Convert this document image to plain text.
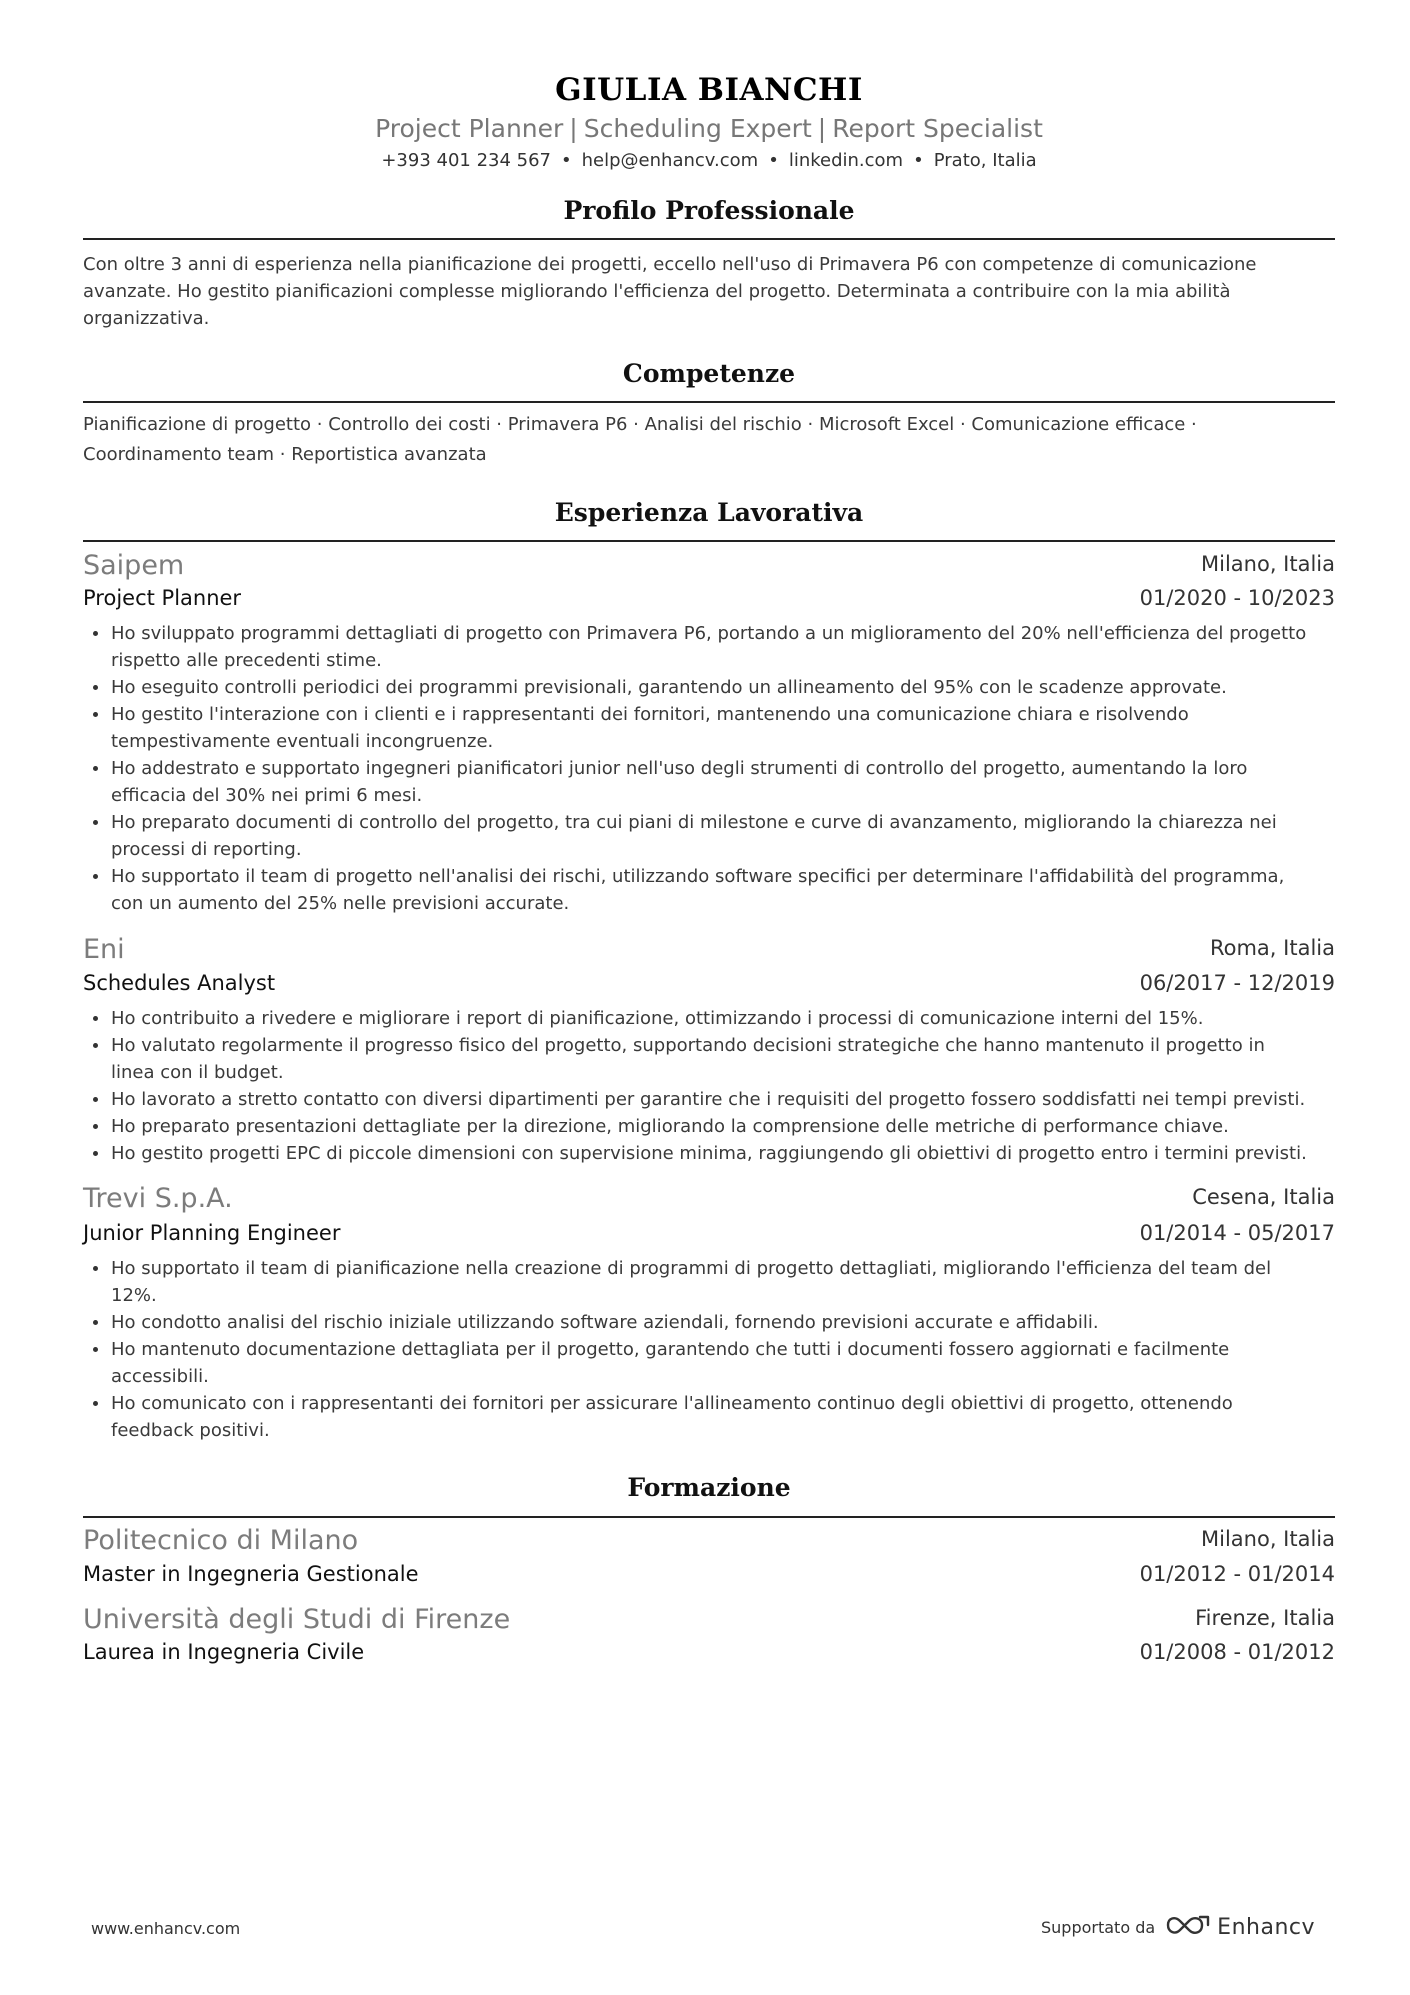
GIULIA BIANCHI
Project Planner | Scheduling Expert | Report Specialist
+393 401 234 567 • help@enhancv.com • linkedin.com • Prato, Italia
Profilo Professionale
Con oltre 3 anni di esperienza nella pianificazione dei progetti, eccello nell'uso di Primavera P6 con competenze di comunicazione
avanzate. Ho gestito pianificazioni complesse migliorando l'efficienza del progetto. Determinata a contribuire con la mia abilità
organizzativa.
Competenze
Pianificazione di progetto · Controllo dei costi · Primavera P6 · Analisi del rischio · Microsoft Excel · Comunicazione efficace ·
Coordinamento team · Reportistica avanzata
Esperienza Lavorativa
Saipem	Milano, Italia
Project Planner	01/2020 - 10/2023
Ho sviluppato programmi dettagliati di progetto con Primavera P6, portando a un miglioramento del 20% nell'efficienza del progetto
rispetto alle precedenti stime.
Ho eseguito controlli periodici dei programmi previsionali, garantendo un allineamento del 95% con le scadenze approvate.
Ho gestito l'interazione con i clienti e i rappresentanti dei fornitori, mantenendo una comunicazione chiara e risolvendo
tempestivamente eventuali incongruenze.
Ho addestrato e supportato ingegneri pianificatori junior nell'uso degli strumenti di controllo del progetto, aumentando la loro
efficacia del 30% nei primi 6 mesi.
Ho preparato documenti di controllo del progetto, tra cui piani di milestone e curve di avanzamento, migliorando la chiarezza nei
processi di reporting.
Ho supportato il team di progetto nell'analisi dei rischi, utilizzando software specifici per determinare l'affidabilità del programma,
con un aumento del 25% nelle previsioni accurate.
Eni	Roma, Italia
Schedules Analyst	06/2017 - 12/2019
Ho contribuito a rivedere e migliorare i report di pianificazione, ottimizzando i processi di comunicazione interni del 15%.
Ho valutato regolarmente il progresso fisico del progetto, supportando decisioni strategiche che hanno mantenuto il progetto in
linea con il budget.
Ho lavorato a stretto contatto con diversi dipartimenti per garantire che i requisiti del progetto fossero soddisfatti nei tempi previsti.
Ho preparato presentazioni dettagliate per la direzione, migliorando la comprensione delle metriche di performance chiave.
Ho gestito progetti EPC di piccole dimensioni con supervisione minima, raggiungendo gli obiettivi di progetto entro i termini previsti.
Trevi S.p.A.	Cesena, Italia
Junior Planning Engineer	01/2014 - 05/2017
Ho supportato il team di pianificazione nella creazione di programmi di progetto dettagliati, migliorando l'efficienza del team del
12%.
Ho condotto analisi del rischio iniziale utilizzando software aziendali, fornendo previsioni accurate e affidabili.
Ho mantenuto documentazione dettagliata per il progetto, garantendo che tutti i documenti fossero aggiornati e facilmente
accessibili.
Ho comunicato con i rappresentanti dei fornitori per assicurare l'allineamento continuo degli obiettivi di progetto, ottenendo
feedback positivi.
Formazione
Politecnico di Milano	Milano, Italia
Master in Ingegneria Gestionale	01/2012 - 01/2014
Università degli Studi di Firenze	Firenze, Italia
Laurea in Ingegneria Civile	01/2008 - 01/2012
www.enhancv.com	Supportato da	Enhancv
